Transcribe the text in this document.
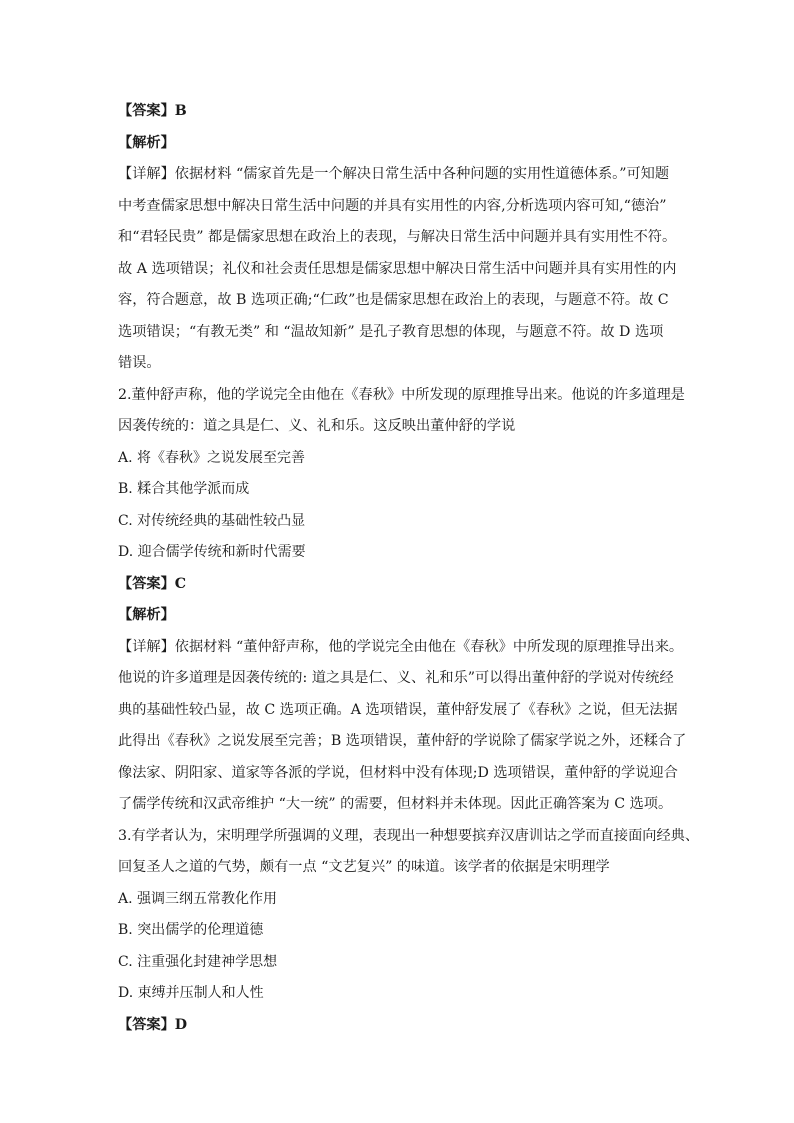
【答案】B

【解析】

【详解】依据材料 “儒家首先是一个解决日常生活中各种问题的实用性道德体系。”可知题

中考查儒家思想中解决日常生活中问题的并具有实用性的内容,分析选项内容可知,“德治”

和“君轻民贵” 都是儒家思想在政治上的表现，与解决日常生活中问题并具有实用性不符。

故 A 选项错误；礼仪和社会责任思想是儒家思想中解决日常生活中问题并具有实用性的内

容，符合题意，故 B 选项正确;“仁政”也是儒家思想在政治上的表现，与题意不符。故 C

选项错误；“有教无类” 和 “温故知新” 是孔子教育思想的体现，与题意不符。故 D 选项

错误。

2.董仲舒声称，他的学说完全由他在《春秋》中所发现的原理推导出来。他说的许多道理是

因袭传统的：道之具是仁、义、礼和乐。这反映出董仲舒的学说

A. 将《春秋》之说发展至完善

B. 糅合其他学派而成

C. 对传统经典的基础性较凸显

D. 迎合儒学传统和新时代需要

【答案】C

【解析】

【详解】依据材料 “董仲舒声称，他的学说完全由他在《春秋》中所发现的原理推导出来。

他说的许多道理是因袭传统的: 道之具是仁、义、礼和乐”可以得出董仲舒的学说对传统经

典的基础性较凸显，故 C 选项正确。A 选项错误，董仲舒发展了《春秋》之说，但无法据

此得出《春秋》之说发展至完善；B 选项错误，董仲舒的学说除了儒家学说之外，还糅合了

像法家、阴阳家、道家等各派的学说，但材料中没有体现;D 选项错误，董仲舒的学说迎合

了儒学传统和汉武帝维护 “大一统” 的需要，但材料并未体现。因此正确答案为 C 选项。

3.有学者认为，宋明理学所强调的义理，表现出一种想要摈弃汉唐训诂之学而直接面向经典、

回复圣人之道的气势，颇有一点 “文艺复兴” 的味道。该学者的依据是宋明理学

A. 强调三纲五常教化作用

B. 突出儒学的伦理道德

C. 注重强化封建神学思想

D. 束缚并压制人和人性

【答案】D
